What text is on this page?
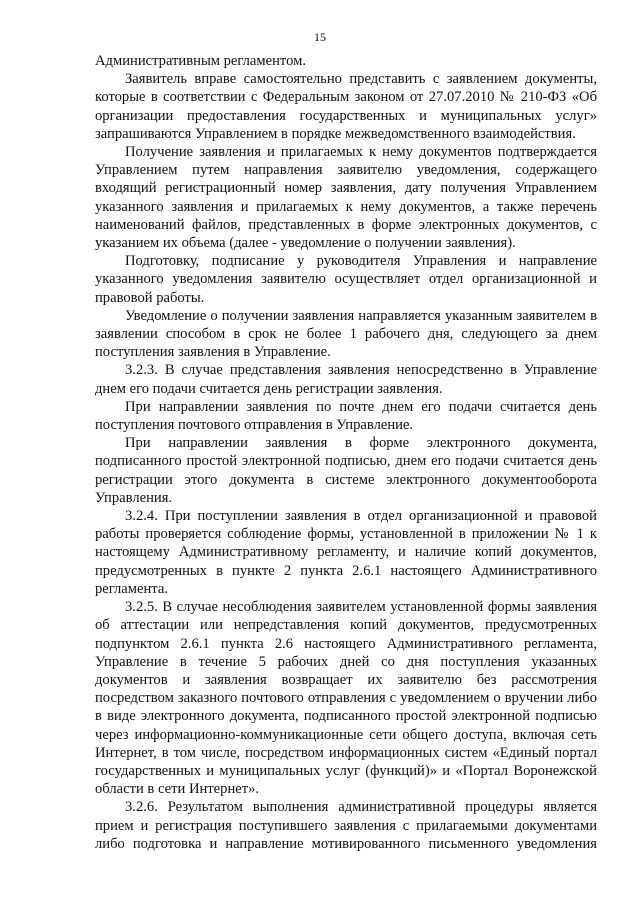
15

Административным регламентом.

Заявитель вправе самостоятельно представить с заявлением документы, которые в соответствии с Федеральным законом от 27.07.2010 № 210-ФЗ «Об организации предоставления государственных и муниципальных услуг» запрашиваются Управлением в порядке межведомственного взаимодействия.

Получение заявления и прилагаемых к нему документов подтверждается Управлением путем направления заявителю уведомления, содержащего входящий регистрационный номер заявления, дату получения Управлением указанного заявления и прилагаемых к нему документов, а также перечень наименований файлов, представленных в форме электронных документов, с указанием их объема (далее - уведомление о получении заявления).

Подготовку, подписание у руководителя Управления и направление указанного уведомления заявителю осуществляет отдел организационной и правовой работы.

Уведомление о получении заявления направляется указанным заявителем в заявлении способом в срок не более 1 рабочего дня, следующего за днем поступления заявления в Управление.

3.2.3. В случае представления заявления непосредственно в Управление днем его подачи считается день регистрации заявления.

При направлении заявления по почте днем его подачи считается день поступления почтового отправления в Управление.

При направлении заявления в форме электронного документа, подписанного простой электронной подписью, днем его подачи считается день регистрации этого документа в системе электронного документооборота Управления.

3.2.4. При поступлении заявления в отдел организационной и правовой работы проверяется соблюдение формы, установленной в приложении № 1 к настоящему Административному регламенту, и наличие копий документов, предусмотренных в пункте 2 пункта 2.6.1 настоящего Административного регламента.

3.2.5. В случае несоблюдения заявителем установленной формы заявления об аттестации или непредставления копий документов, предусмотренных подпунктом 2.6.1 пункта 2.6 настоящего Административного регламента, Управление в течение 5 рабочих дней со дня поступления указанных документов и заявления возвращает их заявителю без рассмотрения посредством заказного почтового отправления с уведомлением о вручении либо в виде электронного документа, подписанного простой электронной подписью через информационно-коммуникационные сети общего доступа, включая сеть Интернет, в том числе, посредством информационных систем «Единый портал государственных и муниципальных услуг (функций)» и «Портал Воронежской области в сети Интернет».

3.2.6. Результатом выполнения административной процедуры является прием и регистрация поступившего заявления с прилагаемыми документами либо подготовка и направление мотивированного письменного уведомления
